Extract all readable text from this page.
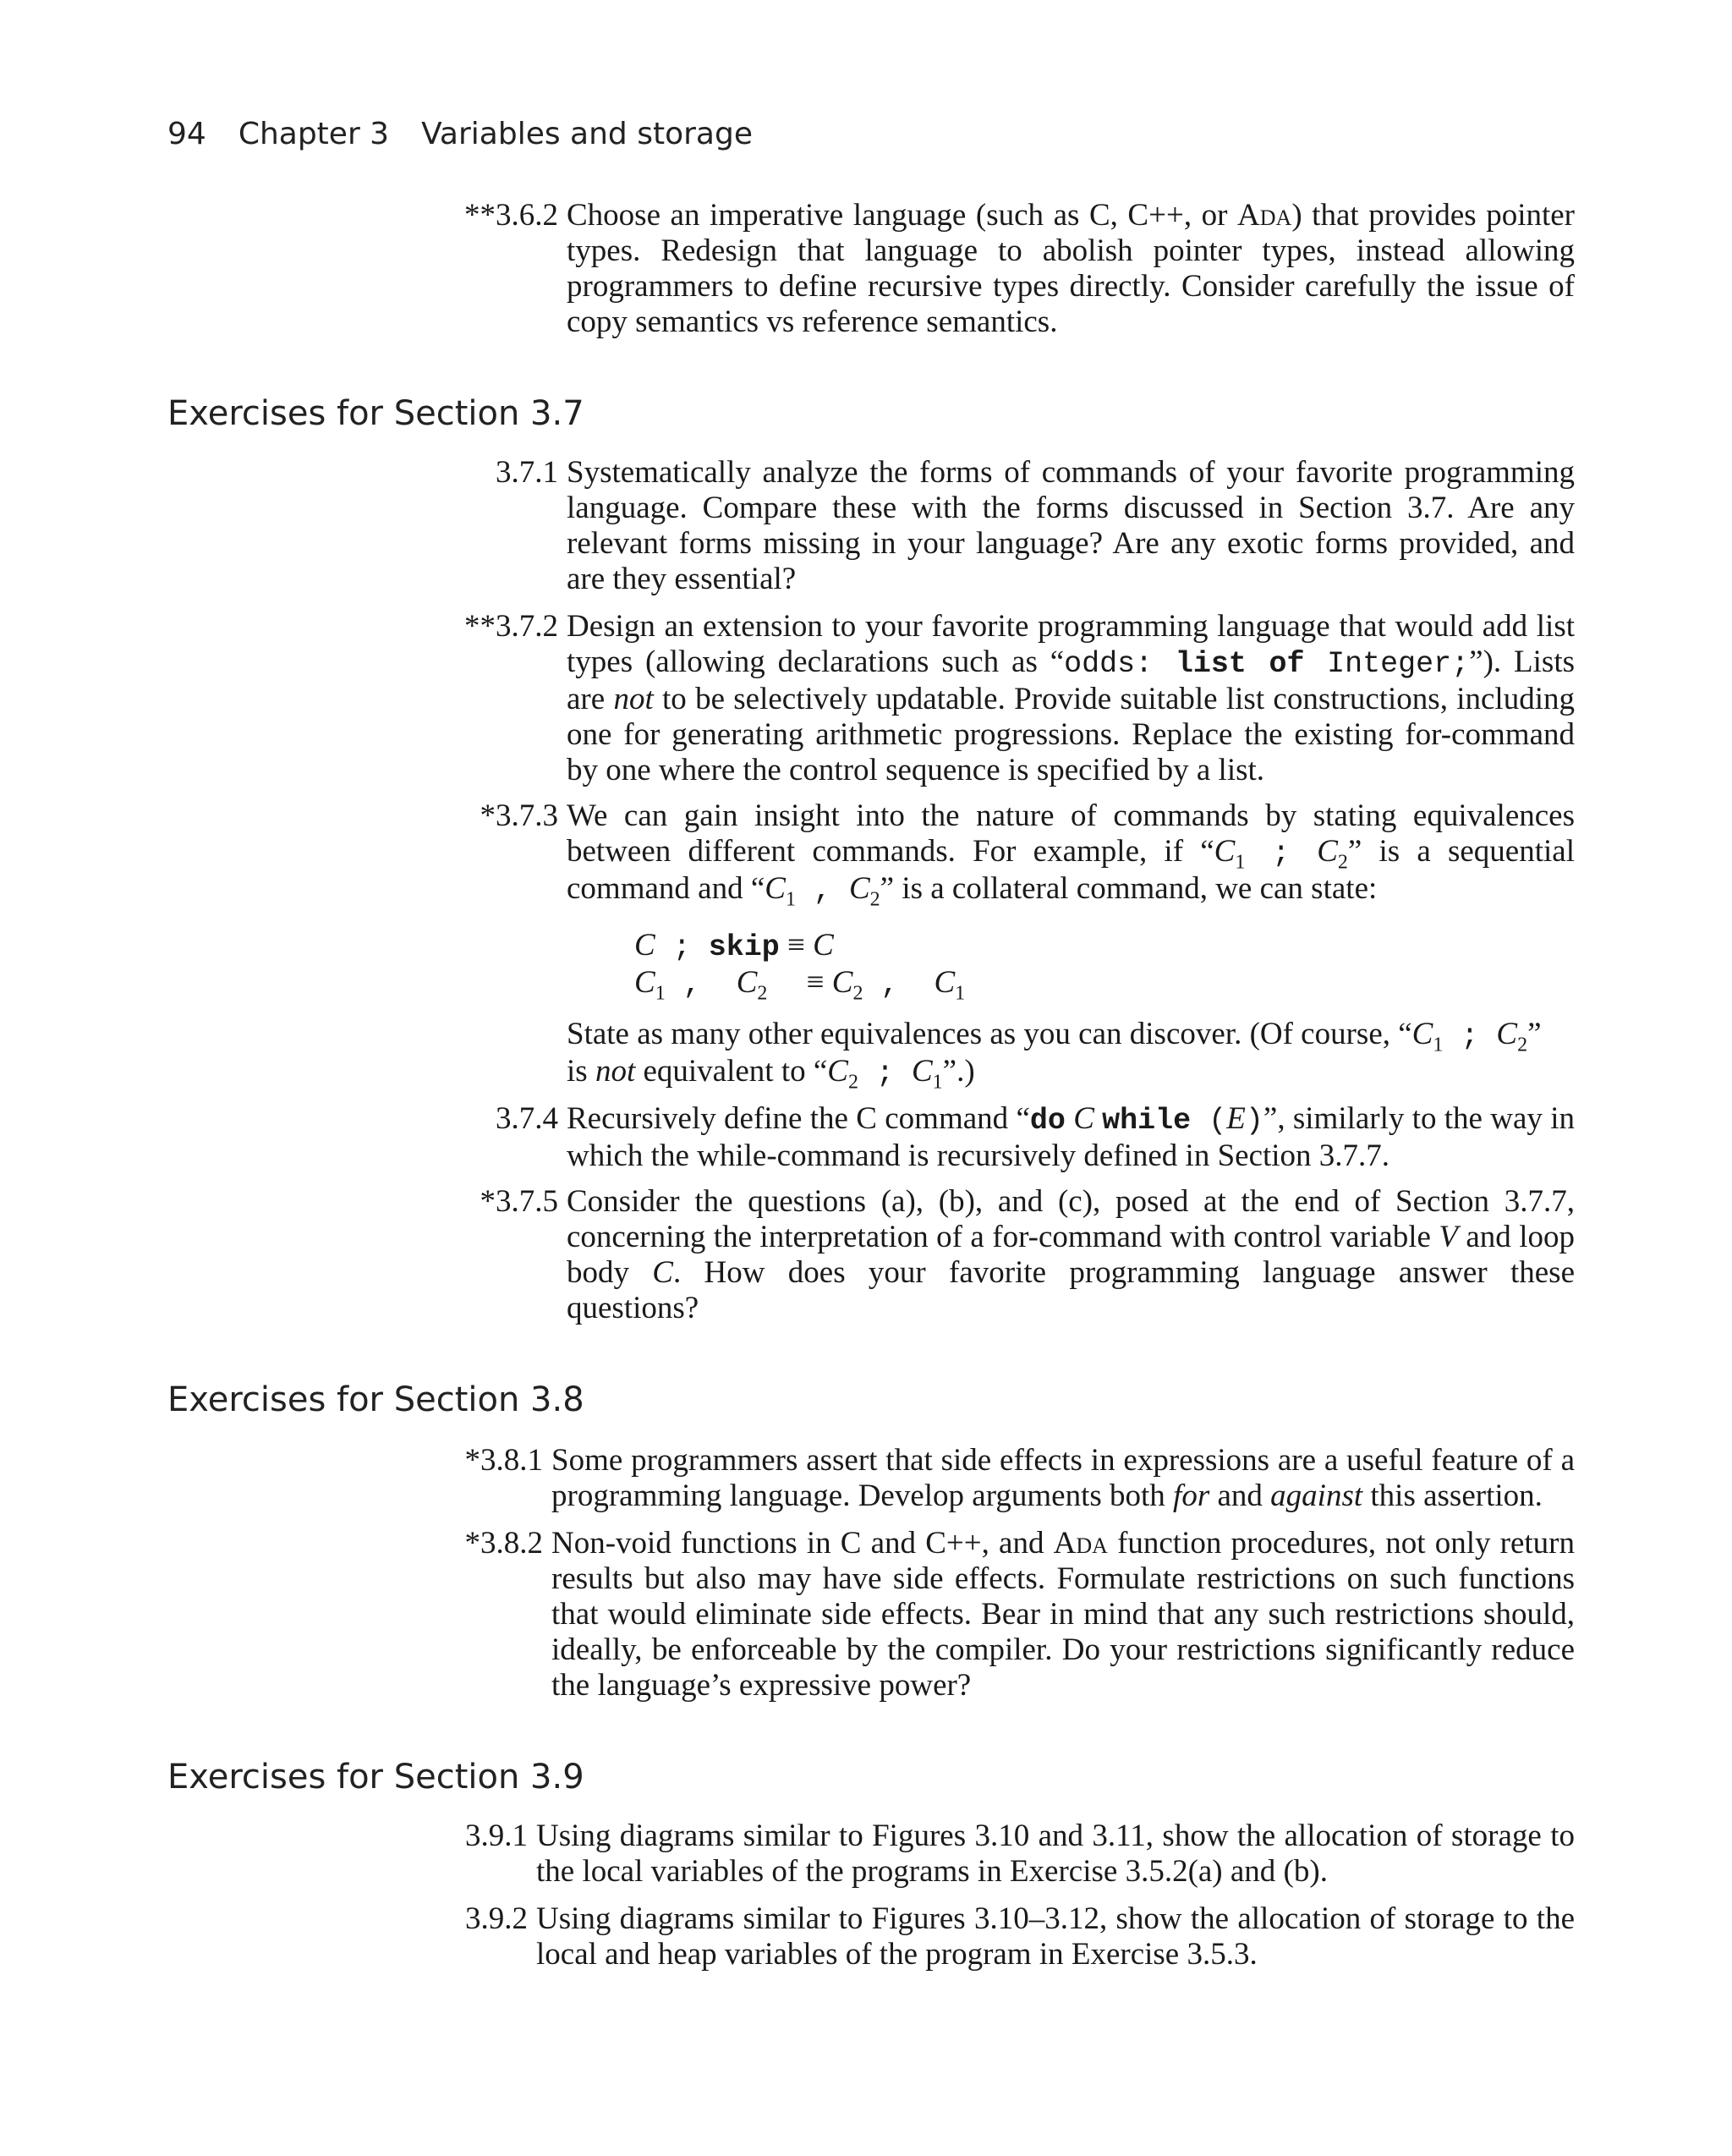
94 Chapter 3 Variables and storage
**3.6.2 Choose an imperative language (such as C, C++, or Ada) that provides pointer types. Redesign that language to abolish pointer types, instead allowing programmers to define recursive types directly. Consider carefully the issue of copy semantics vs reference semantics.
Exercises for Section 3.7
3.7.1 Systematically analyze the forms of commands of your favorite programming language. Compare these with the forms discussed in Section 3.7. Are any relevant forms missing in your language? Are any exotic forms provided, and are they essential?
**3.7.2 Design an extension to your favorite programming language that would add list types (allowing declarations such as “odds: list of Integer;”). Lists are not to be selectively updatable. Provide suitable list constructions, including one for generating arithmetic progressions. Replace the existing for-command by one where the control sequence is specified by a list.
*3.7.3 We can gain insight into the nature of commands by stating equivalences between different commands. For example, if “$C_1$ ; $C_2$” is a sequential command and “$C_1$ , $C_2$” is a collateral command, we can state:
C ; skip ≡ C
$C_1$ ,  $C_2$     ≡ $C_2$ ,  $C_1$
State as many other equivalences as you can discover. (Of course, “$C_1$ ; $C_2$”
is not equivalent to “$C_2$ ; $C_1$”.)
3.7.4 Recursively define the C command “do C while (E)”, similarly to the way in which the while-command is recursively defined in Section 3.7.7.
*3.7.5 Consider the questions (a), (b), and (c), posed at the end of Section 3.7.7, concerning the interpretation of a for-command with control variable V and loop body C. How does your favorite programming language answer these questions?
Exercises for Section 3.8
*3.8.1 Some programmers assert that side effects in expressions are a useful feature of a programming language. Develop arguments both for and against this assertion.
*3.8.2 Non-void functions in C and C++, and Ada function procedures, not only return results but also may have side effects. Formulate restrictions on such functions that would eliminate side effects. Bear in mind that any such restrictions should, ideally, be enforceable by the compiler. Do your restrictions significantly reduce the language’s expressive power?
Exercises for Section 3.9
3.9.1 Using diagrams similar to Figures 3.10 and 3.11, show the allocation of storage to the local variables of the programs in Exercise 3.5.2(a) and (b).
3.9.2 Using diagrams similar to Figures 3.10–3.12, show the allocation of storage to the local and heap variables of the program in Exercise 3.5.3.
